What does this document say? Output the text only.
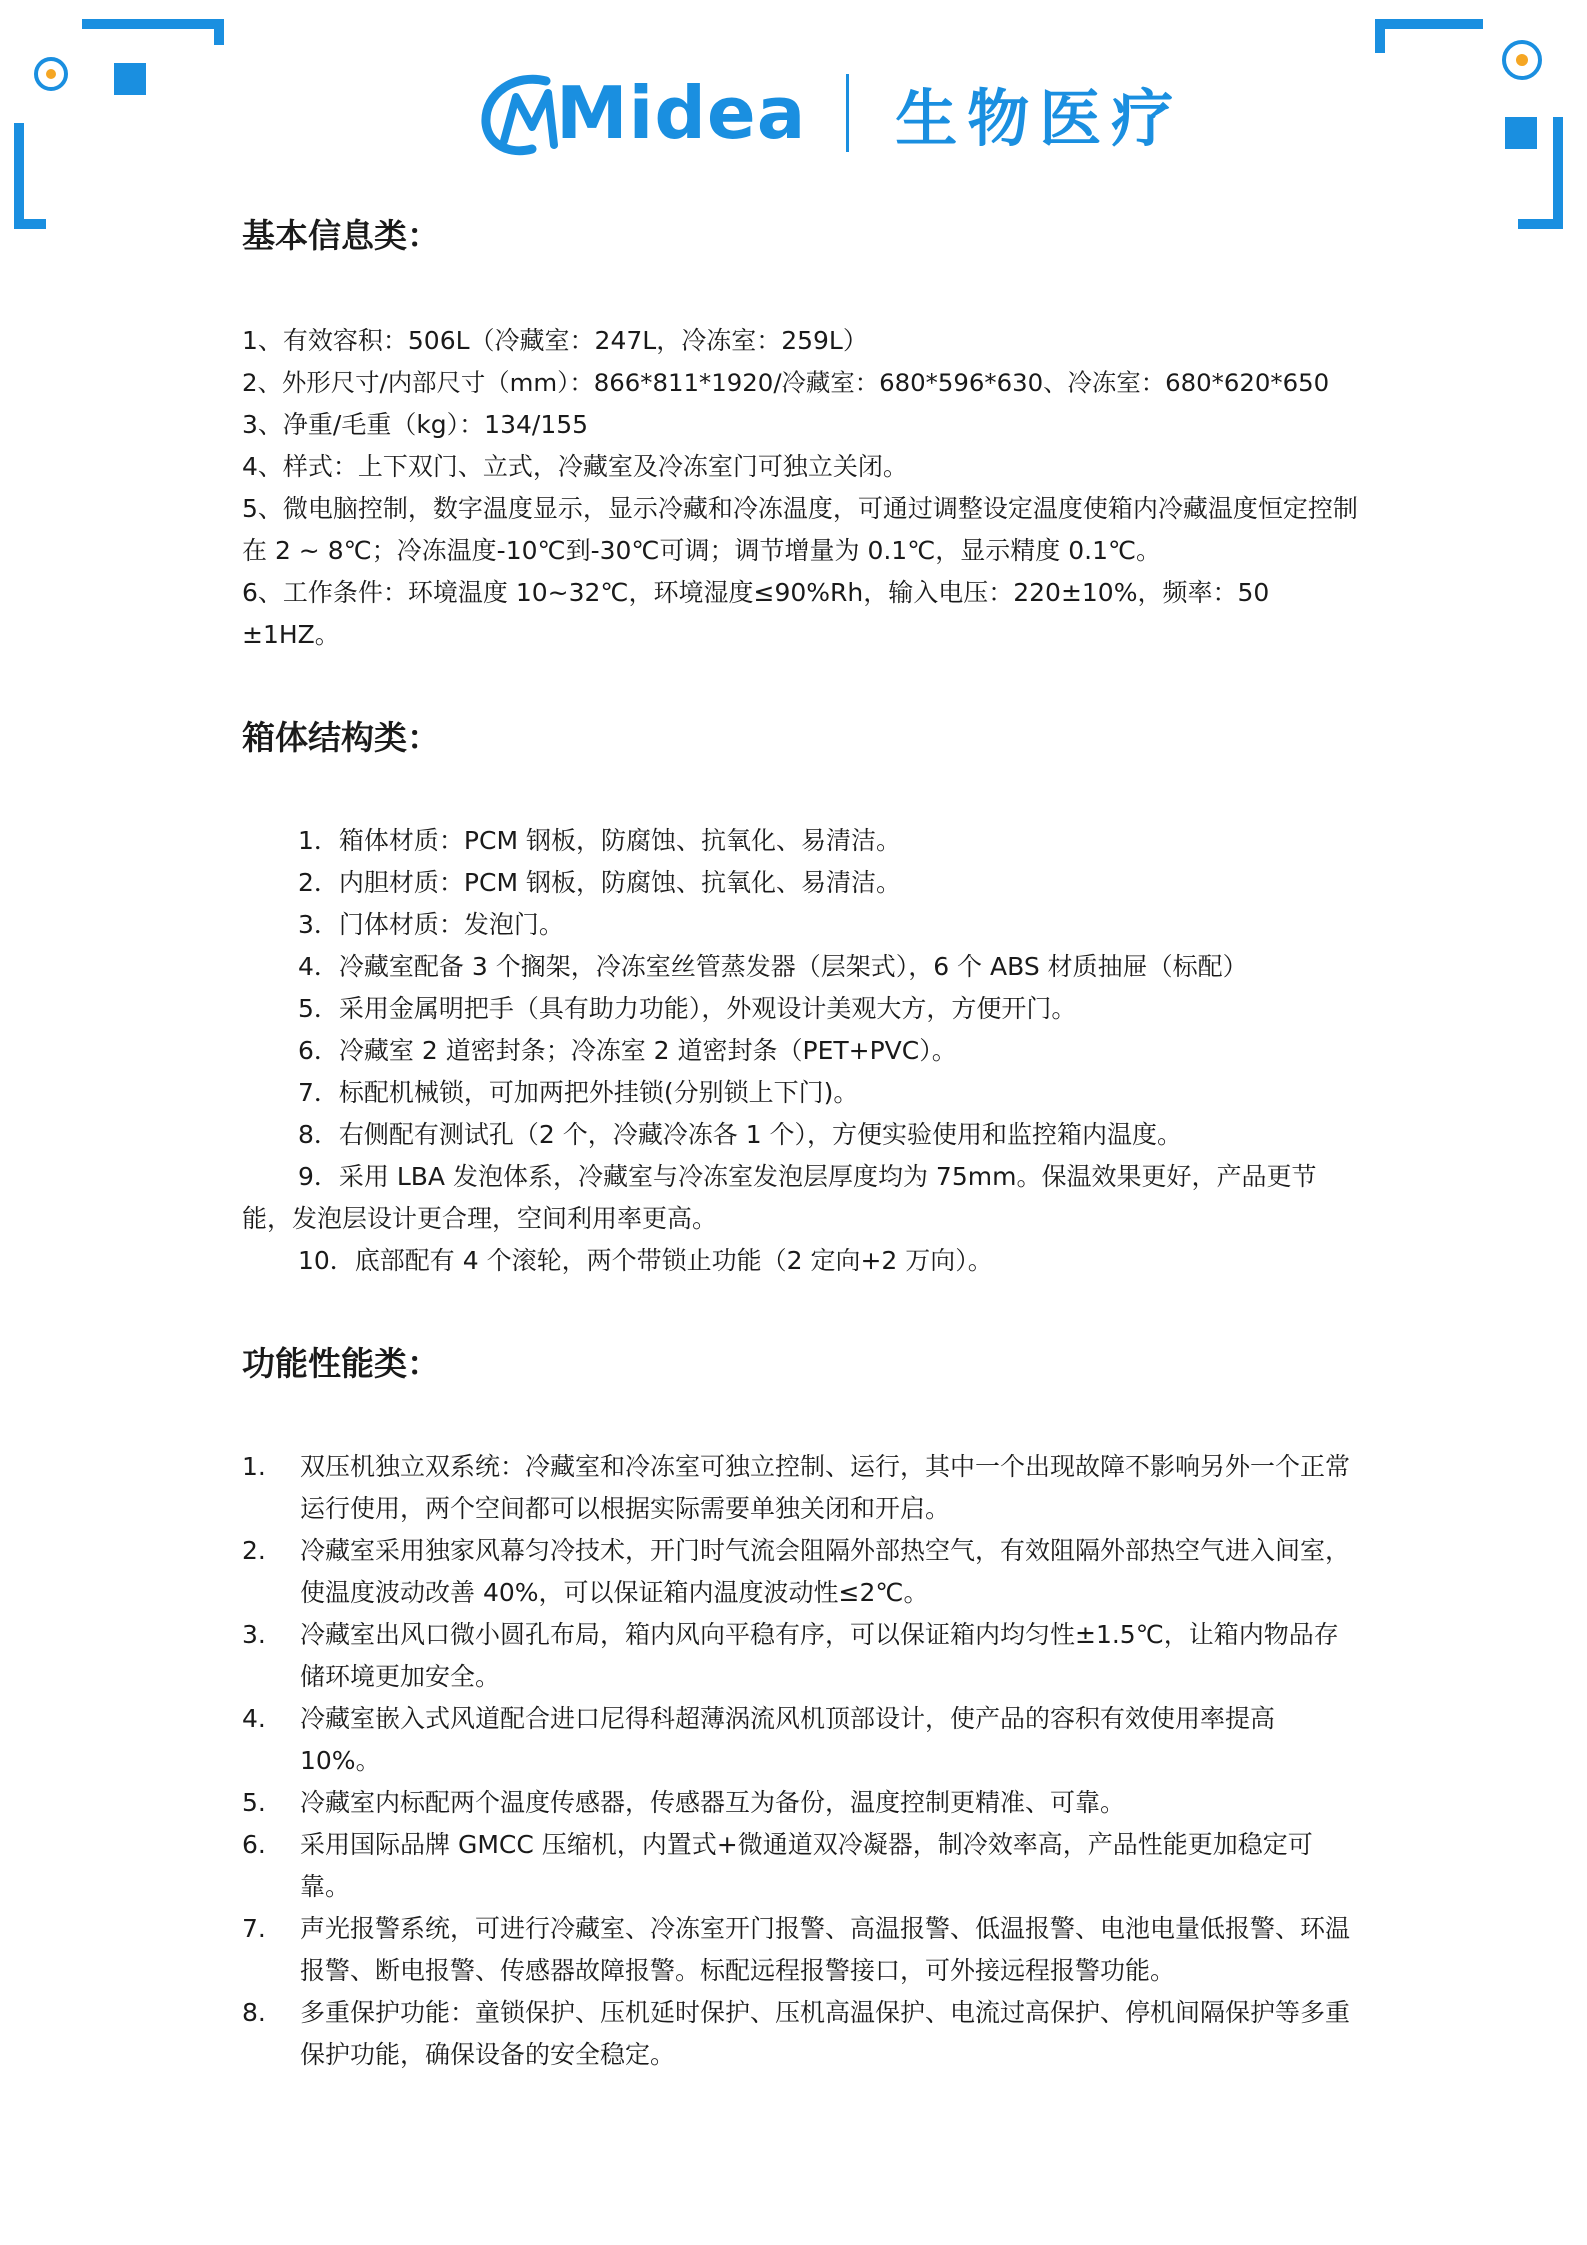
Midea 生物医疗
基本信息类：

1、有效容积：506L（冷藏室：247L，冷冻室：259L）

2、外形尺寸/内部尺寸（mm）：866*811*1920/冷藏室：680*596*630、冷冻室：680*620*650

3、净重/毛重（kg）：134/155

4、样式：上下双门、立式，冷藏室及冷冻室门可独立关闭。

5、微电脑控制，数字温度显示，显示冷藏和冷冻温度，可通过调整设定温度使箱内冷藏温度恒定控制在 2 ~ 8℃；冷冻温度-10℃到-30℃可调；调节增量为 0.1℃，显示精度 0.1℃。

6、工作条件：环境温度 10~32℃，环境湿度≤90%Rh，输入电压：220±10%，频率：50 ±1HZ。

箱体结构类：

1．箱体材质：PCM 钢板，防腐蚀、抗氧化、易清洁。

2．内胆材质：PCM 钢板，防腐蚀、抗氧化、易清洁。

3．门体材质：发泡门。

4．冷藏室配备 3 个搁架，冷冻室丝管蒸发器（层架式），6 个 ABS 材质抽屉（标配）

5．采用金属明把手（具有助力功能），外观设计美观大方，方便开门。

6．冷藏室 2 道密封条；冷冻室 2 道密封条（PET+PVC）。

7．标配机械锁，可加两把外挂锁(分别锁上下门)。

8．右侧配有测试孔（2 个，冷藏冷冻各 1 个），方便实验使用和监控箱内温度。

9．采用 LBA 发泡体系，冷藏室与冷冻室发泡层厚度均为 75mm。保温效果更好，产品更节能，发泡层设计更合理，空间利用率更高。

10．底部配有 4 个滚轮，两个带锁止功能（2 定向+2 万向）。

功能性能类：
1.	双压机独立双系统：冷藏室和冷冻室可独立控制、运行，其中一个出现故障不影响另外一个正常运行使用，两个空间都可以根据实际需要单独关闭和开启。
2.	冷藏室采用独家风幕匀冷技术，开门时气流会阻隔外部热空气，有效阻隔外部热空气进入间室，使温度波动改善 40%，可以保证箱内温度波动性≤2℃。
3.	冷藏室出风口微小圆孔布局，箱内风向平稳有序，可以保证箱内均匀性±1.5℃，让箱内物品存储环境更加安全。
4.	冷藏室嵌入式风道配合进口尼得科超薄涡流风机顶部设计，使产品的容积有效使用率提高 10%。
5.	冷藏室内标配两个温度传感器，传感器互为备份，温度控制更精准、可靠。
6.	采用国际品牌 GMCC 压缩机，内置式+微通道双冷凝器，制冷效率高，产品性能更加稳定可靠。
7.	声光报警系统，可进行冷藏室、冷冻室开门报警、高温报警、低温报警、电池电量低报警、环温报警、断电报警、传感器故障报警。标配远程报警接口，可外接远程报警功能。
8.	多重保护功能：童锁保护、压机延时保护、压机高温保护、电流过高保护、停机间隔保护等多重保护功能，确保设备的安全稳定。
